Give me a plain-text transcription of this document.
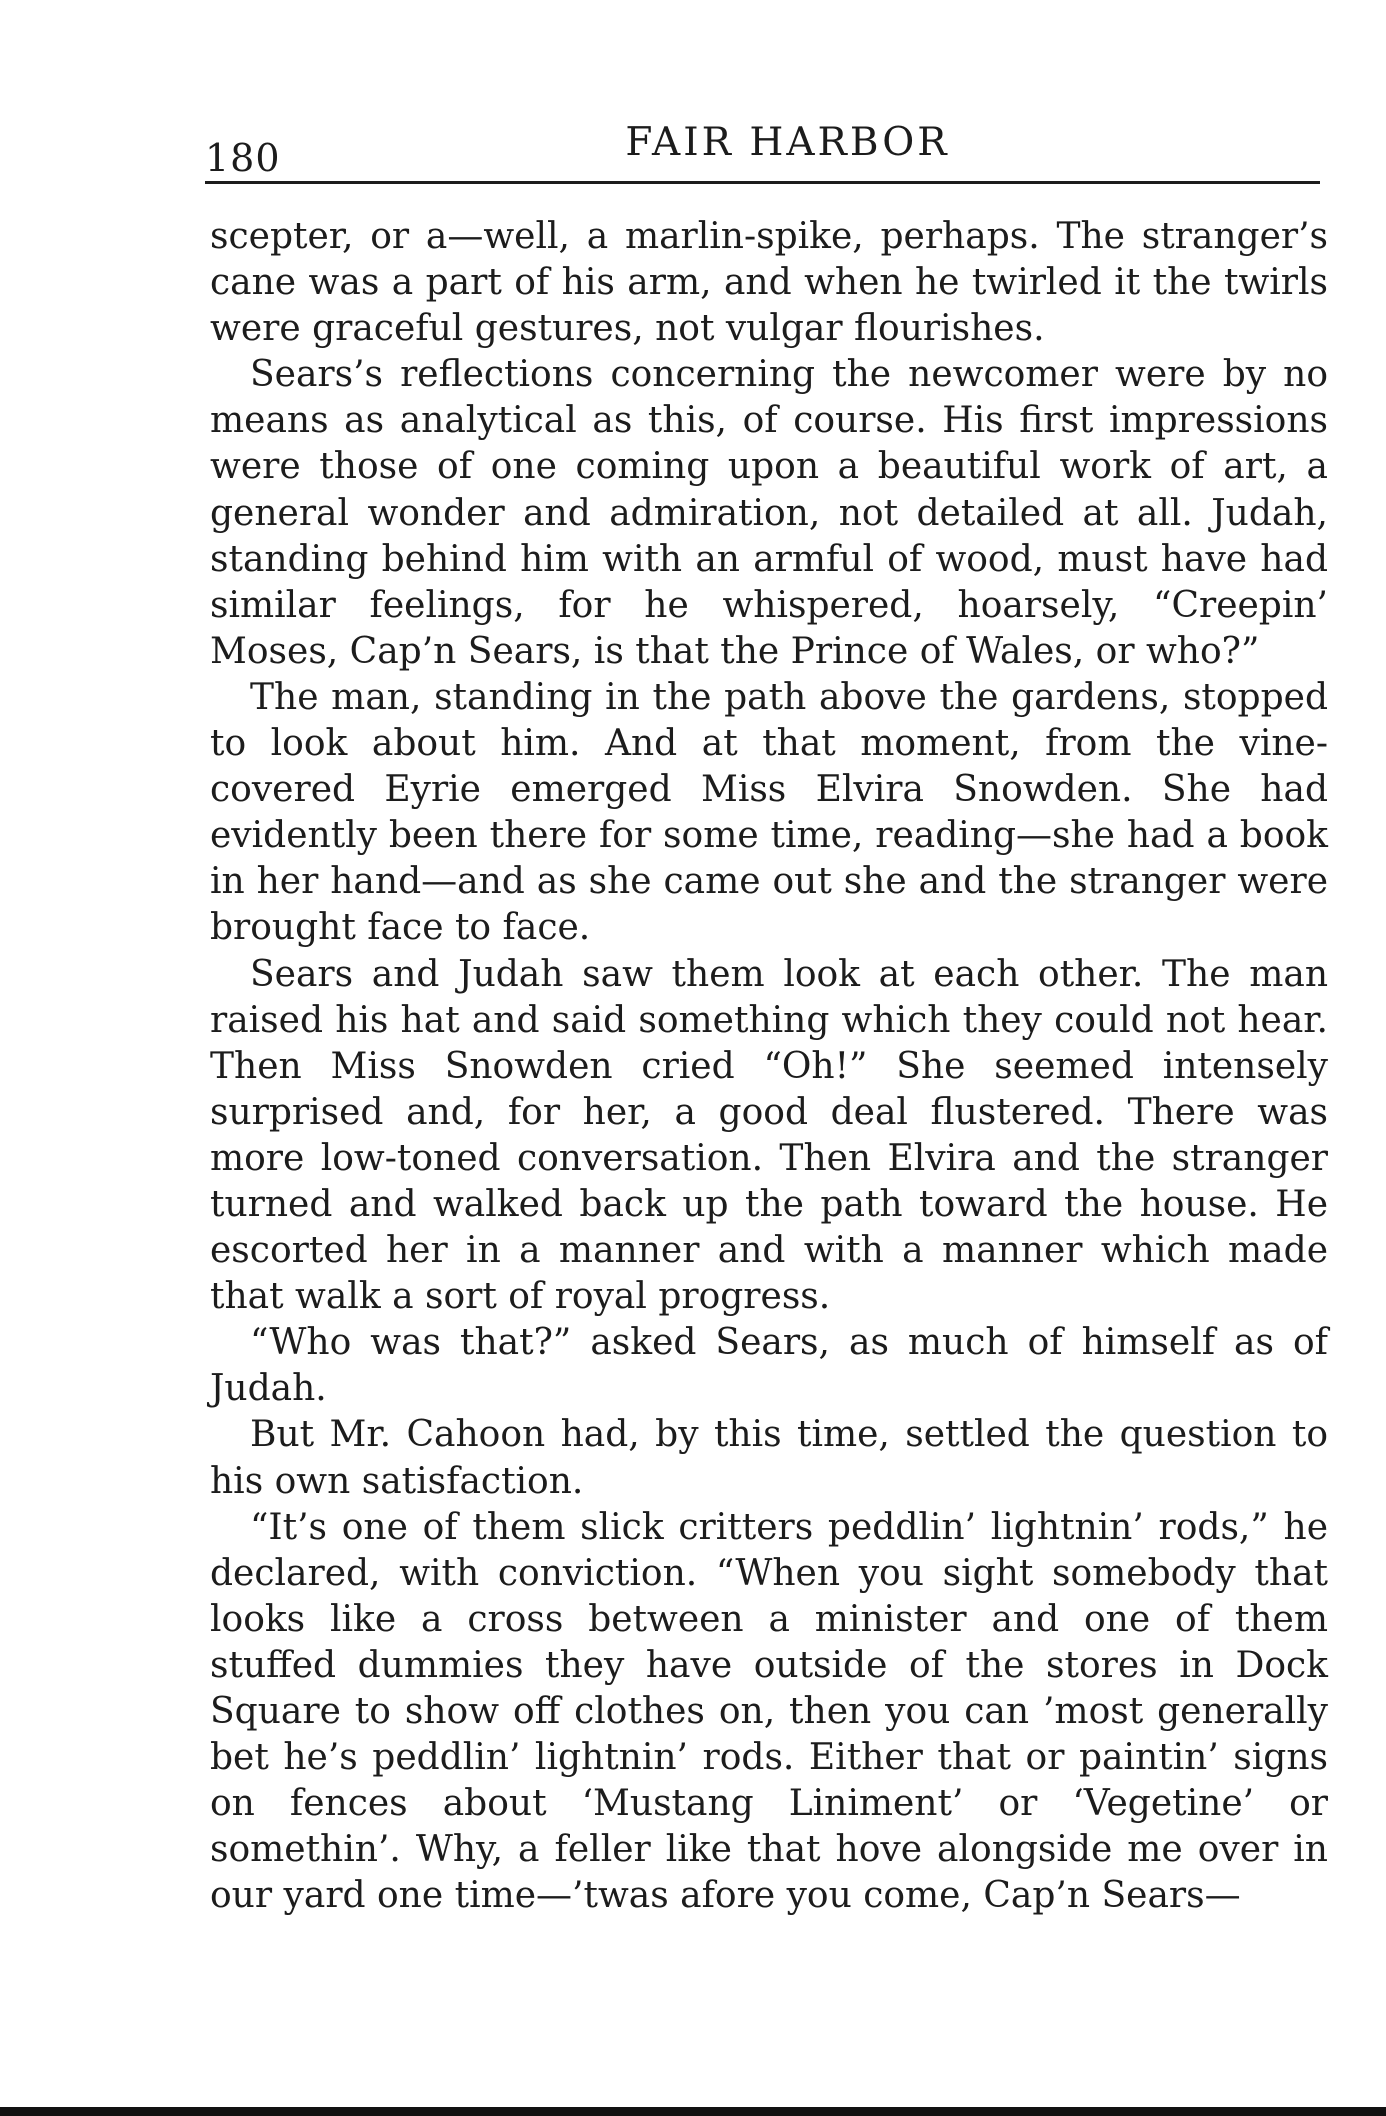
180	FAIR HARBOR

scepter, or a—well, a marlin-spike, perhaps. The stranger’s cane was a part of his arm, and when he twirled it the twirls were graceful gestures, not vulgar flourishes.

Sears’s reflections concerning the newcomer were by no means as analytical as this, of course. His first impressions were those of one coming upon a beautiful work of art, a general wonder and admiration, not detailed at all. Judah, standing behind him with an armful of wood, must have had similar feelings, for he whispered, hoarsely, “Creepin’ Moses, Cap’n Sears, is that the Prince of Wales, or who?”

The man, standing in the path above the gardens, stopped to look about him. And at that moment, from the vine-covered Eyrie emerged Miss Elvira Snowden. She had evidently been there for some time, reading—she had a book in her hand—and as she came out she and the stranger were brought face to face.

Sears and Judah saw them look at each other. The man raised his hat and said something which they could not hear. Then Miss Snowden cried “Oh!” She seemed intensely surprised and, for her, a good deal flustered. There was more low-toned conversation. Then Elvira and the stranger turned and walked back up the path toward the house. He escorted her in a manner and with a manner which made that walk a sort of royal progress.

“Who was that?” asked Sears, as much of himself as of Judah.

But Mr. Cahoon had, by this time, settled the question to his own satisfaction.

“It’s one of them slick critters peddlin’ lightnin’ rods,” he declared, with conviction. “When you sight somebody that looks like a cross between a minister and one of them stuffed dummies they have outside of the stores in Dock Square to show off clothes on, then you can ’most generally bet he’s peddlin’ lightnin’ rods. Either that or paintin’ signs on fences about ‘Mustang Liniment’ or ‘Vegetine’ or somethin’. Why, a feller like that hove alongside me over in our yard one time—’twas afore you come, Cap’n Sears—
